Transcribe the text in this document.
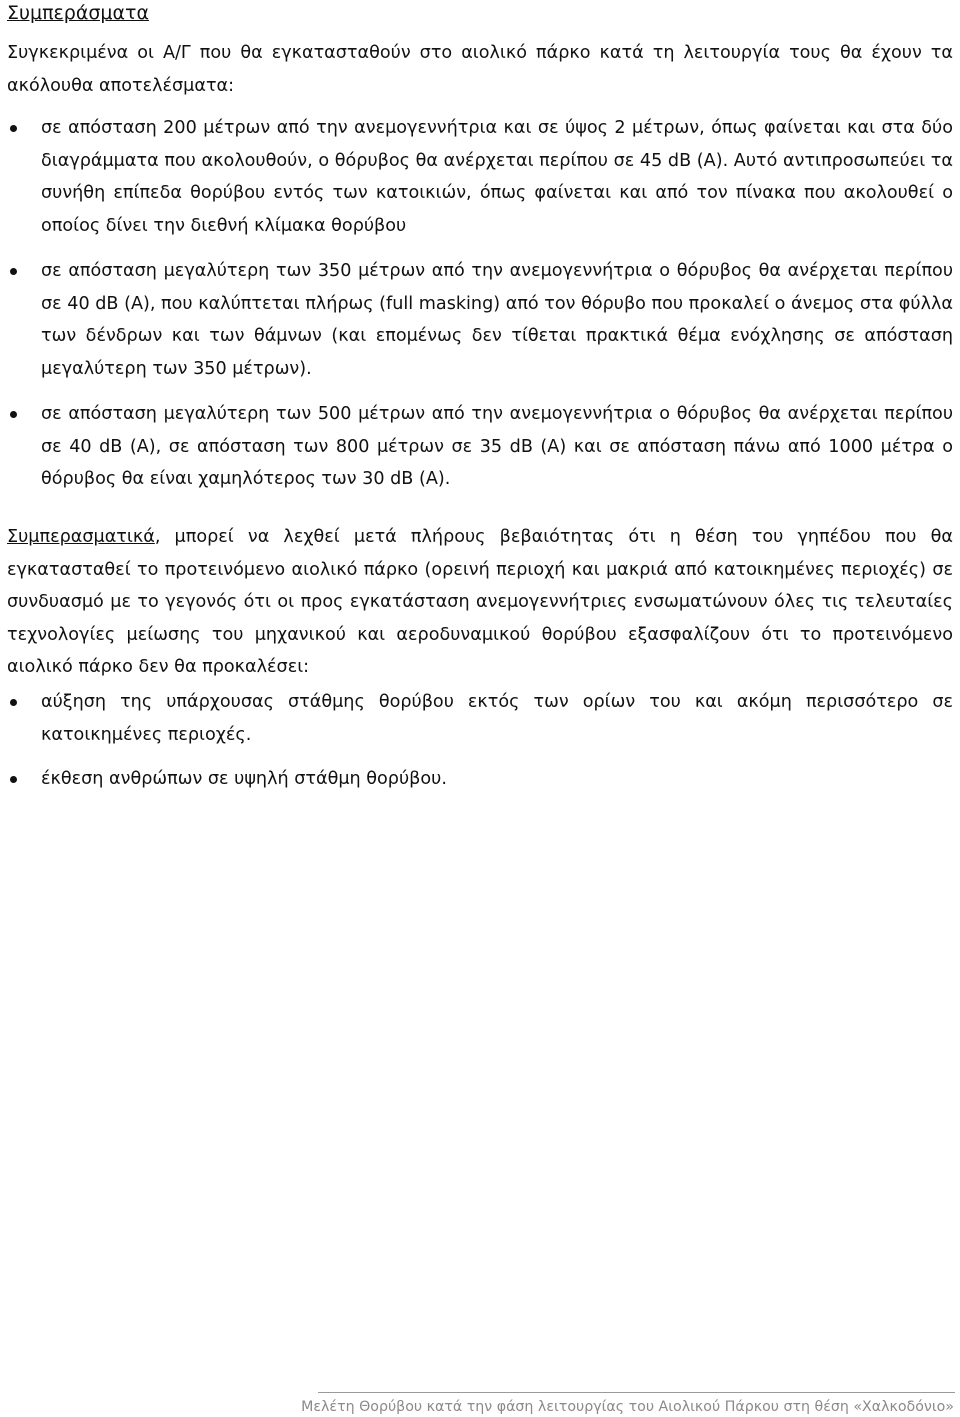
Συμπεράσματα

Συγκεκριμένα οι Α/Γ που θα εγκατασταθούν στο αιολικό πάρκο κατά τη λειτουργία τους θα έχουν τα ακόλουθα αποτελέσματα:

σε απόσταση 200 μέτρων από την ανεμογεννήτρια και σε ύψος 2 μέτρων, όπως φαίνεται και στα δύο διαγράμματα που ακολουθούν, ο θόρυβος θα ανέρχεται περίπου σε 45 dB (A). Αυτό αντιπροσωπεύει τα συνήθη επίπεδα θορύβου εντός των κατοικιών, όπως φαίνεται και από τον πίνακα που ακολουθεί ο οποίος δίνει την διεθνή κλίμακα θορύβου
σε απόσταση μεγαλύτερη των 350 μέτρων από την ανεμογεννήτρια ο θόρυβος θα ανέρχεται περίπου σε 40 dB (A), που καλύπτεται πλήρως (full masking) από τον θόρυβο που προκαλεί ο άνεμος στα φύλλα των δένδρων και των θάμνων (και επομένως δεν τίθεται πρακτικά θέμα ενόχλησης σε απόσταση μεγαλύτερη των 350 μέτρων).
σε απόσταση μεγαλύτερη των 500 μέτρων από την ανεμογεννήτρια ο θόρυβος θα ανέρχεται περίπου σε 40 dB (A), σε απόσταση των 800 μέτρων σε 35 dB (A) και σε απόσταση πάνω από 1000 μέτρα ο θόρυβος θα είναι χαμηλότερος των 30 dB (A).

Συμπερασματικά, μπορεί να λεχθεί μετά πλήρους βεβαιότητας ότι η θέση του γηπέδου που θα εγκατασταθεί το προτεινόμενο αιολικό πάρκο (ορεινή περιοχή και μακριά από κατοικημένες περιοχές) σε συνδυασμό με το γεγονός ότι οι προς εγκατάσταση ανεμογεννήτριες ενσωματώνουν όλες τις τελευταίες τεχνολογίες μείωσης του μηχανικού και αεροδυναμικού θορύβου εξασφαλίζουν ότι το προτεινόμενο αιολικό πάρκο δεν θα προκαλέσει:

αύξηση της υπάρχουσας στάθμης θορύβου εκτός των ορίων του και ακόμη περισσότερο σε κατοικημένες περιοχές.
έκθεση ανθρώπων σε υψηλή στάθμη θορύβου.
Μελέτη Θορύβου κατά την φάση λειτουργίας του Αιολικού Πάρκου στη θέση «Χαλκοδόνιο»
